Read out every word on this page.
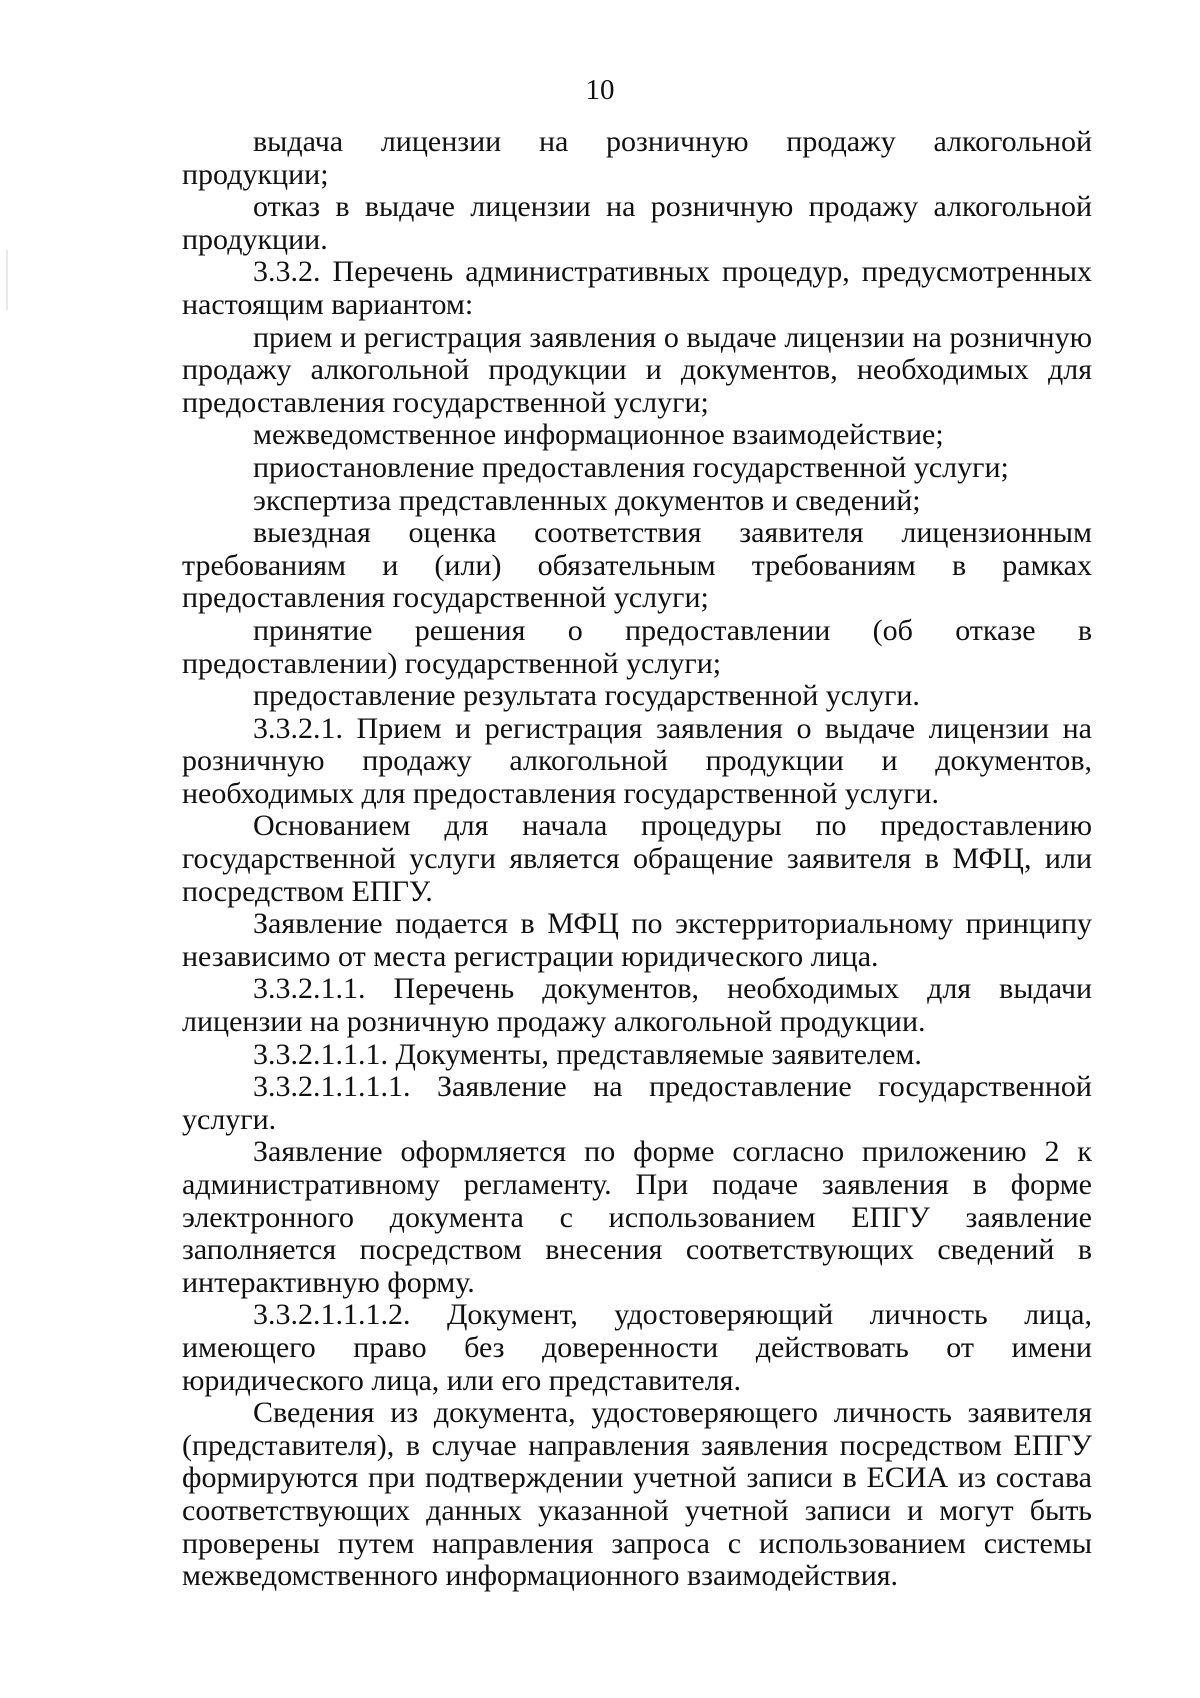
10

выдача лицензии на розничную продажу алкогольной продукции;

отказ в выдаче лицензии на розничную продажу алкогольной продукции.

3.3.2. Перечень административных процедур, предусмотренных настоящим вариантом:

прием и регистрация заявления о выдаче лицензии на розничную продажу алкогольной продукции и документов, необходимых для предоставления государственной услуги;

межведомственное информационное взаимодействие;

приостановление предоставления государственной услуги;

экспертиза представленных документов и сведений;

выездная оценка соответствия заявителя лицензионным требованиям и (или) обязательным требованиям в рамках предоставления государственной услуги;

принятие решения о предоставлении (об отказе в предоставлении) государственной услуги;

предоставление результата государственной услуги.

3.3.2.1. Прием и регистрация заявления о выдаче лицензии на розничную продажу алкогольной продукции и документов, необходимых для предоставления государственной услуги.

Основанием для начала процедуры по предоставлению государственной услуги является обращение заявителя в МФЦ, или посредством ЕПГУ.

Заявление подается в МФЦ по экстерриториальному принципу независимо от места регистрации юридического лица.

3.3.2.1.1. Перечень документов, необходимых для выдачи лицензии на розничную продажу алкогольной продукции.

3.3.2.1.1.1. Документы, представляемые заявителем.

3.3.2.1.1.1.1. Заявление на предоставление государственной услуги.

Заявление оформляется по форме согласно приложению 2 к административному регламенту. При подаче заявления в форме электронного документа с использованием ЕПГУ заявление заполняется посредством внесения соответствующих сведений в интерактивную форму.

3.3.2.1.1.1.2. Документ, удостоверяющий личность лица, имеющего право без доверенности действовать от имени юридического лица, или его представителя.

Сведения из документа, удостоверяющего личность заявителя (представителя), в случае направления заявления посредством ЕПГУ формируются при подтверждении учетной записи в ЕСИА из состава соответствующих данных указанной учетной записи и могут быть проверены путем направления запроса с использованием системы межведомственного информационного взаимодействия.
